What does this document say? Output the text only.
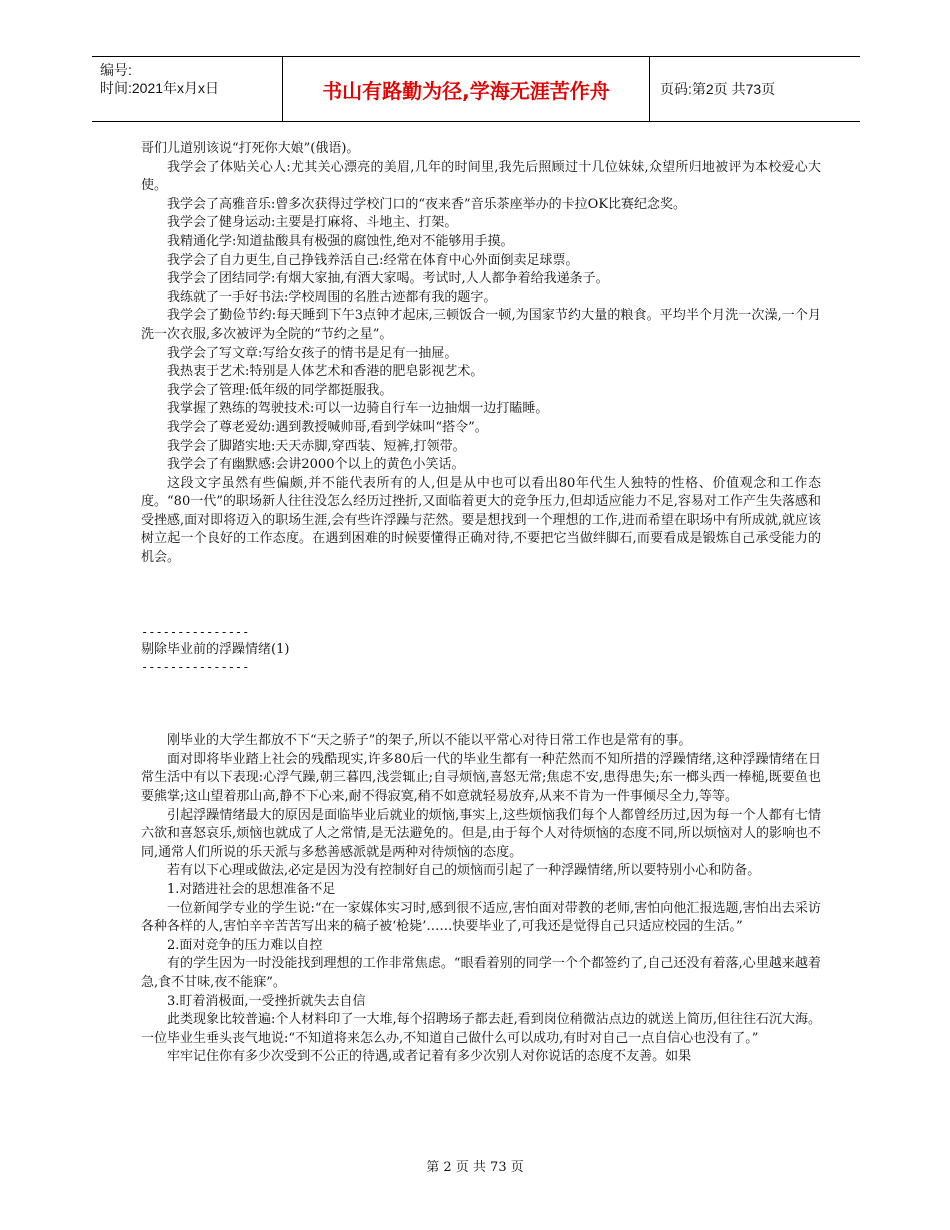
编号:
时间:2021年x月x日	书山有路勤为径,学海无涯苦作舟	页码:第2页 共73页

哥们儿道别该说“打死你大娘”(俄语)。

我学会了体贴关心人:尤其关心漂亮的美眉,几年的时间里,我先后照顾过十几位妹妹,众望所归地被评为本校爱心大使。

我学会了高雅音乐:曾多次获得过学校门口的“夜来香”音乐茶座举办的卡拉OK比赛纪念奖。

我学会了健身运动:主要是打麻将、斗地主、打架。

我精通化学:知道盐酸具有极强的腐蚀性,绝对不能够用手摸。

我学会了自力更生,自己挣钱养活自己:经常在体育中心外面倒卖足球票。

我学会了团结同学:有烟大家抽,有酒大家喝。考试时,人人都争着给我递条子。

我练就了一手好书法:学校周围的名胜古迹都有我的题字。

我学会了勤俭节约:每天睡到下午3点钟才起床,三顿饭合一顿,为国家节约大量的粮食。平均半个月洗一次澡,一个月洗一次衣服,多次被评为全院的“节约之星”。

我学会了写文章:写给女孩子的情书是足有一抽屉。

我热衷于艺术:特别是人体艺术和香港的肥皂影视艺术。

我学会了管理:低年级的同学都挺服我。

我掌握了熟练的驾驶技术:可以一边骑自行车一边抽烟一边打瞌睡。

我学会了尊老爱幼:遇到教授喊帅哥,看到学妹叫“搭令”。

我学会了脚踏实地:天天赤脚,穿西装、短裤,打领带。

我学会了有幽默感:会讲2000个以上的黄色小笑话。

这段文字虽然有些偏颇,并不能代表所有的人,但是从中也可以看出80年代生人独特的性格、价值观念和工作态度。“80一代”的职场新人往往没怎么经历过挫折,又面临着更大的竞争压力,但却适应能力不足,容易对工作产生失落感和受挫感,面对即将迈入的职场生涯,会有些许浮躁与茫然。要是想找到一个理想的工作,进而希望在职场中有所成就,就应该树立起一个良好的工作态度。在遇到困难的时候要懂得正确对待,不要把它当做绊脚石,而要看成是锻炼自己承受能力的机会。

---------------

剔除毕业前的浮躁情绪(1)

---------------

刚毕业的大学生都放不下“天之骄子”的架子,所以不能以平常心对待日常工作也是常有的事。

面对即将毕业踏上社会的残酷现实,许多80后一代的毕业生都有一种茫然而不知所措的浮躁情绪,这种浮躁情绪在日常生活中有以下表现:心浮气躁,朝三暮四,浅尝辄止;自寻烦恼,喜怒无常;焦虑不安,患得患失;东一榔头西一棒槌,既要鱼也要熊掌;这山望着那山高,静不下心来,耐不得寂寞,稍不如意就轻易放弃,从来不肯为一件事倾尽全力,等等。

引起浮躁情绪最大的原因是面临毕业后就业的烦恼,事实上,这些烦恼我们每个人都曾经历过,因为每一个人都有七情六欲和喜怒哀乐,烦恼也就成了人之常情,是无法避免的。但是,由于每个人对待烦恼的态度不同,所以烦恼对人的影响也不同,通常人们所说的乐天派与多愁善感派就是两种对待烦恼的态度。

若有以下心理或做法,必定是因为没有控制好自己的烦恼而引起了一种浮躁情绪,所以要特别小心和防备。

1.对踏进社会的思想准备不足

一位新闻学专业的学生说:“在一家媒体实习时,感到很不适应,害怕面对带教的老师,害怕向他汇报选题,害怕出去采访各种各样的人,害怕辛辛苦苦写出来的稿子被‘枪毙’……快要毕业了,可我还是觉得自己只适应校园的生活。”

2.面对竞争的压力难以自控

有的学生因为一时没能找到理想的工作非常焦虑。“眼看着别的同学一个个都签约了,自己还没有着落,心里越来越着急,食不甘味,夜不能寐”。

3.盯着消极面,一受挫折就失去自信

此类现象比较普遍:个人材料印了一大堆,每个招聘场子都去赶,看到岗位稍微沾点边的就送上简历,但往往石沉大海。一位毕业生垂头丧气地说:“不知道将来怎么办,不知道自己做什么可以成功,有时对自己一点自信心也没有了。”

牢牢记住你有多少次受到不公正的待遇,或者记着有多少次别人对你说话的态度不友善。如果

第 2 页 共 73 页
